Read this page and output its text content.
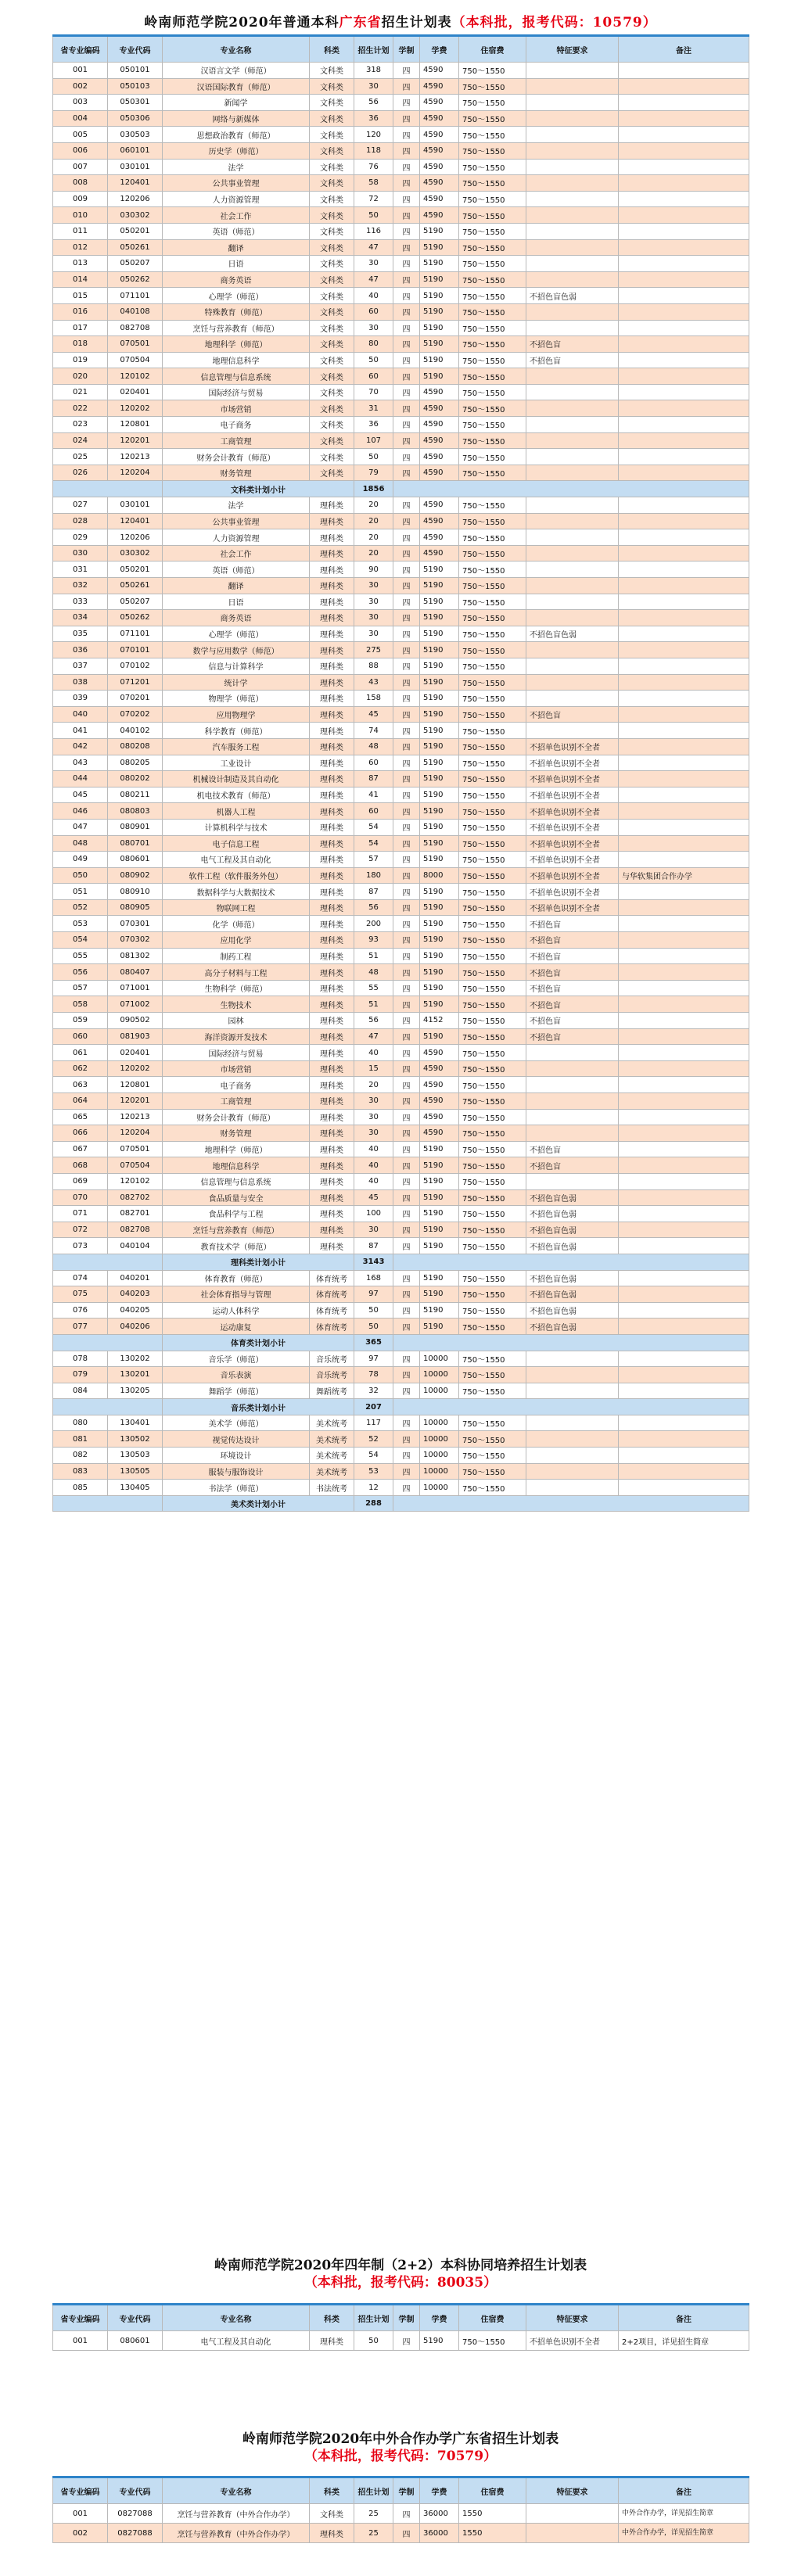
岭南师范学院2020年普通本科广东省招生计划表（本科批，报考代码：10579）
省专业编码	专业代码	专业名称	科类	招生计划	学制	学费	住宿费	特征要求	备注
001	050101	汉语言文学（师范）	文科类	318	四	4590	750～1550		
002	050103	汉语国际教育（师范）	文科类	30	四	4590	750～1550		
003	050301	新闻学	文科类	56	四	4590	750～1550		
004	050306	网络与新媒体	文科类	36	四	4590	750～1550		
005	030503	思想政治教育（师范）	文科类	120	四	4590	750～1550		
006	060101	历史学（师范）	文科类	118	四	4590	750～1550		
007	030101	法学	文科类	76	四	4590	750～1550		
008	120401	公共事业管理	文科类	58	四	4590	750～1550		
009	120206	人力资源管理	文科类	72	四	4590	750～1550		
010	030302	社会工作	文科类	50	四	4590	750～1550		
011	050201	英语（师范）	文科类	116	四	5190	750～1550		
012	050261	翻译	文科类	47	四	5190	750～1550		
013	050207	日语	文科类	30	四	5190	750～1550		
014	050262	商务英语	文科类	47	四	5190	750～1550		
015	071101	心理学（师范）	文科类	40	四	5190	750～1550	不招色盲色弱	
016	040108	特殊教育（师范）	文科类	60	四	5190	750～1550		
017	082708	烹饪与营养教育（师范）	文科类	30	四	5190	750～1550		
018	070501	地理科学（师范）	文科类	80	四	5190	750～1550	不招色盲	
019	070504	地理信息科学	文科类	50	四	5190	750～1550	不招色盲	
020	120102	信息管理与信息系统	文科类	60	四	5190	750～1550		
021	020401	国际经济与贸易	文科类	70	四	4590	750～1550		
022	120202	市场营销	文科类	31	四	4590	750～1550		
023	120801	电子商务	文科类	36	四	4590	750～1550		
024	120201	工商管理	文科类	107	四	4590	750～1550		
025	120213	财务会计教育（师范）	文科类	50	四	4590	750～1550		
026	120204	财务管理	文科类	79	四	4590	750～1550		
		文科类计划小计		1856					
027	030101	法学	理科类	20	四	4590	750～1550		
028	120401	公共事业管理	理科类	20	四	4590	750～1550		
029	120206	人力资源管理	理科类	20	四	4590	750～1550		
030	030302	社会工作	理科类	20	四	4590	750～1550		
031	050201	英语（师范）	理科类	90	四	5190	750～1550		
032	050261	翻译	理科类	30	四	5190	750～1550		
033	050207	日语	理科类	30	四	5190	750～1550		
034	050262	商务英语	理科类	30	四	5190	750～1550		
035	071101	心理学（师范）	理科类	30	四	5190	750～1550	不招色盲色弱	
036	070101	数学与应用数学（师范）	理科类	275	四	5190	750～1550		
037	070102	信息与计算科学	理科类	88	四	5190	750～1550		
038	071201	统计学	理科类	43	四	5190	750～1550		
039	070201	物理学（师范）	理科类	158	四	5190	750～1550		
040	070202	应用物理学	理科类	45	四	5190	750～1550	不招色盲	
041	040102	科学教育（师范）	理科类	74	四	5190	750～1550		
042	080208	汽车服务工程	理科类	48	四	5190	750～1550	不招单色识别不全者	
043	080205	工业设计	理科类	60	四	5190	750～1550	不招单色识别不全者	
044	080202	机械设计制造及其自动化	理科类	87	四	5190	750～1550	不招单色识别不全者	
045	080211	机电技术教育（师范）	理科类	41	四	5190	750～1550	不招单色识别不全者	
046	080803	机器人工程	理科类	60	四	5190	750～1550	不招单色识别不全者	
047	080901	计算机科学与技术	理科类	54	四	5190	750～1550	不招单色识别不全者	
048	080701	电子信息工程	理科类	54	四	5190	750～1550	不招单色识别不全者	
049	080601	电气工程及其自动化	理科类	57	四	5190	750～1550	不招单色识别不全者	
050	080902	软件工程（软件服务外包）	理科类	180	四	8000	750～1550	不招单色识别不全者	与华软集团合作办学
051	080910	数据科学与大数据技术	理科类	87	四	5190	750～1550	不招单色识别不全者	
052	080905	物联网工程	理科类	56	四	5190	750～1550	不招单色识别不全者	
053	070301	化学（师范）	理科类	200	四	5190	750～1550	不招色盲	
054	070302	应用化学	理科类	93	四	5190	750～1550	不招色盲	
055	081302	制药工程	理科类	51	四	5190	750～1550	不招色盲	
056	080407	高分子材料与工程	理科类	48	四	5190	750～1550	不招色盲	
057	071001	生物科学（师范）	理科类	55	四	5190	750～1550	不招色盲	
058	071002	生物技术	理科类	51	四	5190	750～1550	不招色盲	
059	090502	园林	理科类	56	四	4152	750～1550	不招色盲	
060	081903	海洋资源开发技术	理科类	47	四	5190	750～1550	不招色盲	
061	020401	国际经济与贸易	理科类	40	四	4590	750～1550		
062	120202	市场营销	理科类	15	四	4590	750～1550		
063	120801	电子商务	理科类	20	四	4590	750～1550		
064	120201	工商管理	理科类	30	四	4590	750～1550		
065	120213	财务会计教育（师范）	理科类	30	四	4590	750～1550		
066	120204	财务管理	理科类	30	四	4590	750～1550		
067	070501	地理科学（师范）	理科类	40	四	5190	750～1550	不招色盲	
068	070504	地理信息科学	理科类	40	四	5190	750～1550	不招色盲	
069	120102	信息管理与信息系统	理科类	40	四	5190	750～1550		
070	082702	食品质量与安全	理科类	45	四	5190	750～1550	不招色盲色弱	
071	082701	食品科学与工程	理科类	100	四	5190	750～1550	不招色盲色弱	
072	082708	烹饪与营养教育（师范）	理科类	30	四	5190	750～1550	不招色盲色弱	
073	040104	教育技术学（师范）	理科类	87	四	5190	750～1550	不招色盲色弱	
		理科类计划小计		3143					
074	040201	体育教育（师范）	体育统考	168	四	5190	750～1550	不招色盲色弱	
075	040203	社会体育指导与管理	体育统考	97	四	5190	750～1550	不招色盲色弱	
076	040205	运动人体科学	体育统考	50	四	5190	750～1550	不招色盲色弱	
077	040206	运动康复	体育统考	50	四	5190	750～1550	不招色盲色弱	
		体育类计划小计		365					
078	130202	音乐学（师范）	音乐统考	97	四	10000	750～1550		
079	130201	音乐表演	音乐统考	78	四	10000	750～1550		
084	130205	舞蹈学（师范）	舞蹈统考	32	四	10000	750～1550		
		音乐类计划小计		207					
080	130401	美术学（师范）	美术统考	117	四	10000	750～1550		
081	130502	视觉传达设计	美术统考	52	四	10000	750～1550		
082	130503	环境设计	美术统考	54	四	10000	750～1550		
083	130505	服装与服饰设计	美术统考	53	四	10000	750～1550		
085	130405	书法学（师范）	书法统考	12	四	10000	750～1550		
		美术类计划小计		288					
岭南师范学院2020年四年制（2+2）本科协同培养招生计划表
（本科批，报考代码：80035）
省专业编码	专业代码	专业名称	科类	招生计划	学制	学费	住宿费	特征要求	备注
001	080601	电气工程及其自动化	理科类	50	四	5190	750～1550	不招单色识别不全者	2+2项目，详见招生简章
岭南师范学院2020年中外合作办学广东省招生计划表
（本科批，报考代码：70579）
省专业编码	专业代码	专业名称	科类	招生计划	学制	学费	住宿费	特征要求	备注
001	0827088	烹饪与营养教育（中外合作办学）	文科类	25	四	36000	1550		中外合作办学，详见招生简章
002	0827088	烹饪与营养教育（中外合作办学）	理科类	25	四	36000	1550		中外合作办学，详见招生简章
